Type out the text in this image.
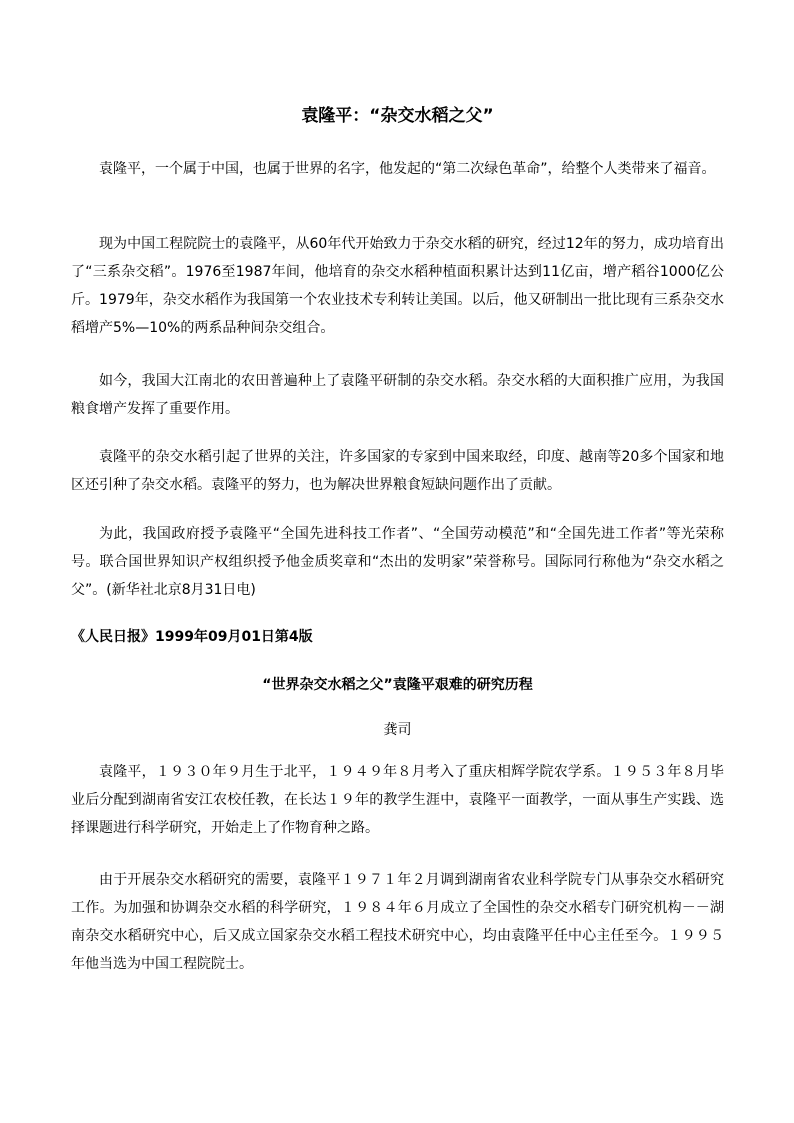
袁隆平：“杂交水稻之父”

袁隆平，一个属于中国，也属于世界的名字，他发起的“第二次绿色革命”，给整个人类带来了福音。

现为中国工程院院士的袁隆平，从60年代开始致力于杂交水稻的研究，经过12年的努力，成功培育出了“三系杂交稻”。1976至1987年间，他培育的杂交水稻种植面积累计达到11亿亩，增产稻谷1000亿公斤。1979年，杂交水稻作为我国第一个农业技术专利转让美国。以后，他又研制出一批比现有三系杂交水稻增产5%—10%的两系品种间杂交组合。

如今，我国大江南北的农田普遍种上了袁隆平研制的杂交水稻。杂交水稻的大面积推广应用，为我国粮食增产发挥了重要作用。

袁隆平的杂交水稻引起了世界的关注，许多国家的专家到中国来取经，印度、越南等20多个国家和地区还引种了杂交水稻。袁隆平的努力，也为解决世界粮食短缺问题作出了贡献。

为此，我国政府授予袁隆平“全国先进科技工作者”、“全国劳动模范”和“全国先进工作者”等光荣称号。联合国世界知识产权组织授予他金质奖章和“杰出的发明家”荣誉称号。国际同行称他为“杂交水稻之父”。(新华社北京8月31日电)

《人民日报》1999年09月01日第4版
“世界杂交水稻之父”袁隆平艰难的研究历程
龚司

袁隆平，１９３０年９月生于北平，１９４９年８月考入了重庆相辉学院农学系。１９５３年８月毕业后分配到湖南省安江农校任教，在长达１９年的教学生涯中，袁隆平一面教学，一面从事生产实践、选择课题进行科学研究，开始走上了作物育种之路。

由于开展杂交水稻研究的需要，袁隆平１９７１年２月调到湖南省农业科学院专门从事杂交水稻研究工作。为加强和协调杂交水稻的科学研究，１９８４年６月成立了全国性的杂交水稻专门研究机构－－湖南杂交水稻研究中心，后又成立国家杂交水稻工程技术研究中心，均由袁隆平任中心主任至今。１９９５年他当选为中国工程院院士。
